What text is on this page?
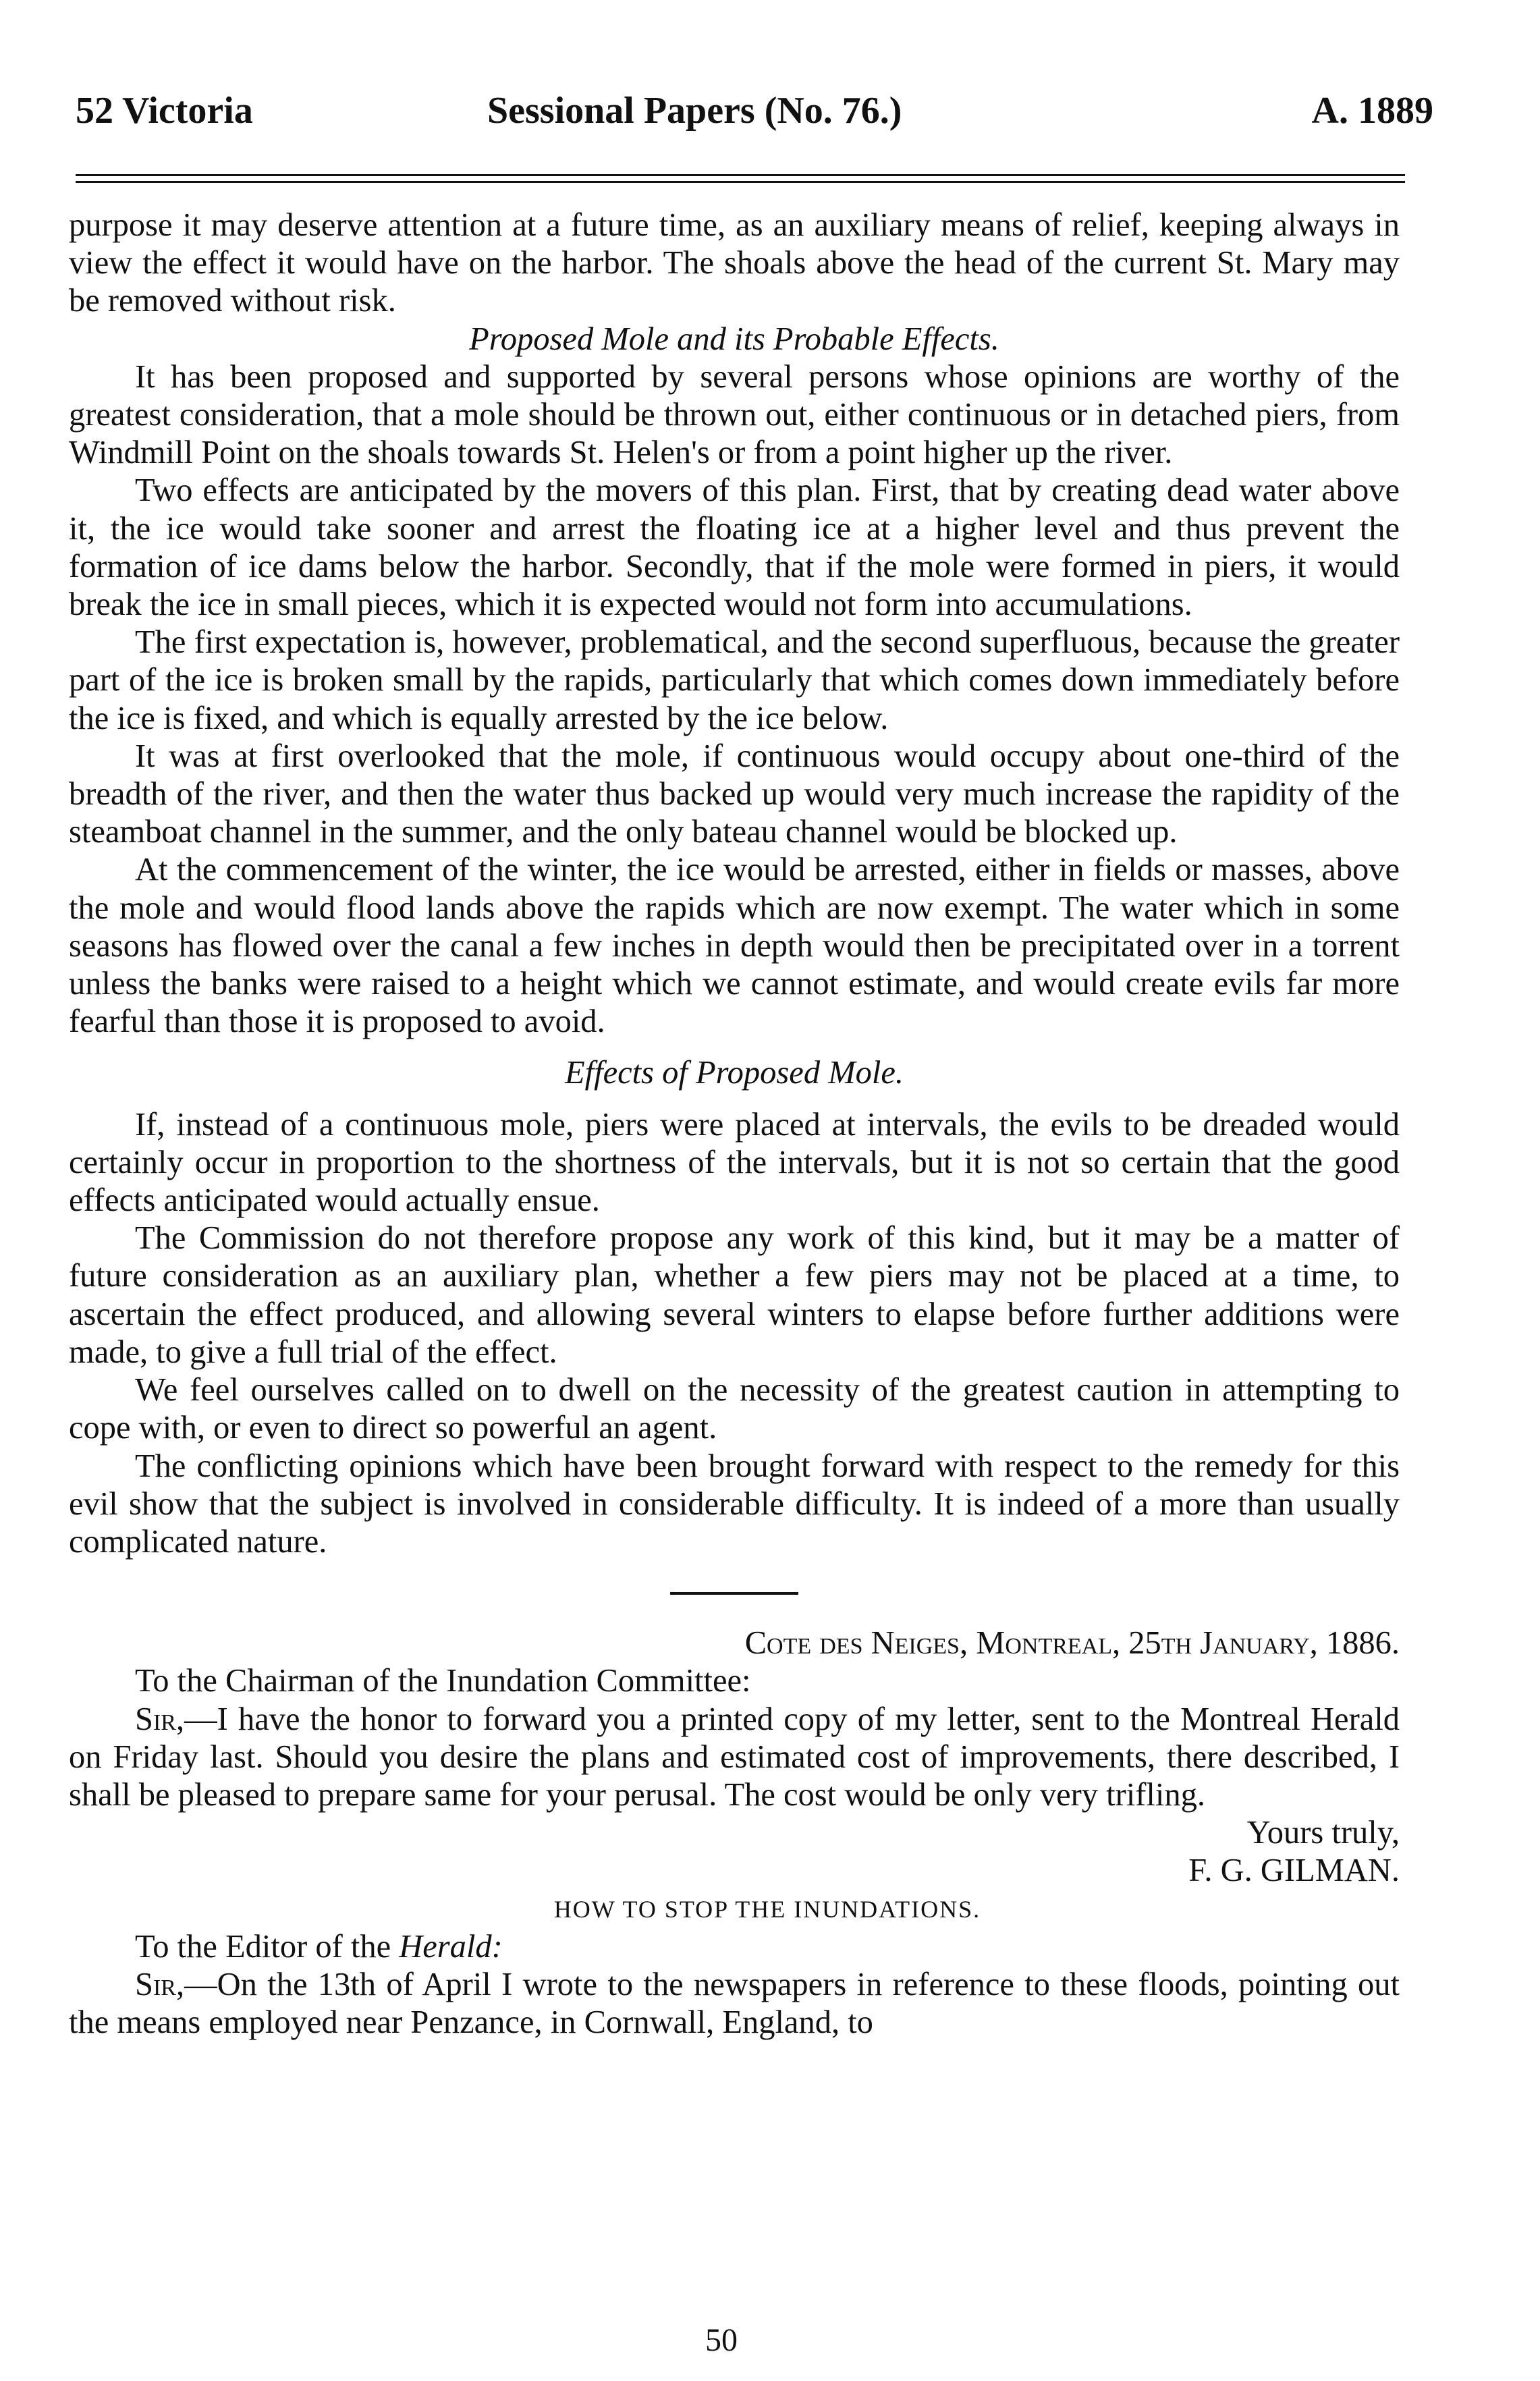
52 Victoria	Sessional Papers (No. 76.)	A. 1889

purpose it may deserve attention at a future time, as an auxiliary means of relief, keeping always in view the effect it would have on the harbor. The shoals above the head of the current St. Mary may be removed without risk.

Proposed Mole and its Probable Effects.

It has been proposed and supported by several persons whose opinions are worthy of the greatest consideration, that a mole should be thrown out, either continuous or in detached piers, from Windmill Point on the shoals towards St. Helen's or from a point higher up the river.

Two effects are anticipated by the movers of this plan. First, that by creating dead water above it, the ice would take sooner and arrest the floating ice at a higher level and thus prevent the formation of ice dams below the harbor. Secondly, that if the mole were formed in piers, it would break the ice in small pieces, which it is expected would not form into accumulations.

The first expectation is, however, problematical, and the second superfluous, because the greater part of the ice is broken small by the rapids, particularly that which comes down immediately before the ice is fixed, and which is equally arrested by the ice below.

It was at first overlooked that the mole, if continuous would occupy about one-third of the breadth of the river, and then the water thus backed up would very much increase the rapidity of the steamboat channel in the summer, and the only bateau channel would be blocked up.

At the commencement of the winter, the ice would be arrested, either in fields or masses, above the mole and would flood lands above the rapids which are now exempt. The water which in some seasons has flowed over the canal a few inches in depth would then be precipitated over in a torrent unless the banks were raised to a height which we cannot estimate, and would create evils far more fearful than those it is proposed to avoid.

Effects of Proposed Mole.

If, instead of a continuous mole, piers were placed at intervals, the evils to be dreaded would certainly occur in proportion to the shortness of the intervals, but it is not so certain that the good effects anticipated would actually ensue.

The Commission do not therefore propose any work of this kind, but it may be a matter of future consideration as an auxiliary plan, whether a few piers may not be placed at a time, to ascertain the effect produced, and allowing several winters to elapse before further additions were made, to give a full trial of the effect.

We feel ourselves called on to dwell on the necessity of the greatest caution in attempting to cope with, or even to direct so powerful an agent.

The conflicting opinions which have been brought forward with respect to the remedy for this evil show that the subject is involved in considerable difficulty. It is indeed of a more than usually complicated nature.

Cote des Neiges, Montreal, 25th January, 1886.

To the Chairman of the Inundation Committee:

Sir,—I have the honor to forward you a printed copy of my letter, sent to the Montreal Herald on Friday last. Should you desire the plans and estimated cost of improvements, there described, I shall be pleased to prepare same for your perusal. The cost would be only very trifling.

Yours truly,

F. G. GILMAN.

HOW TO STOP THE INUNDATIONS.

To the Editor of the Herald:

Sir,—On the 13th of April I wrote to the newspapers in reference to these floods, pointing out the means employed near Penzance, in Cornwall, England, to

50
